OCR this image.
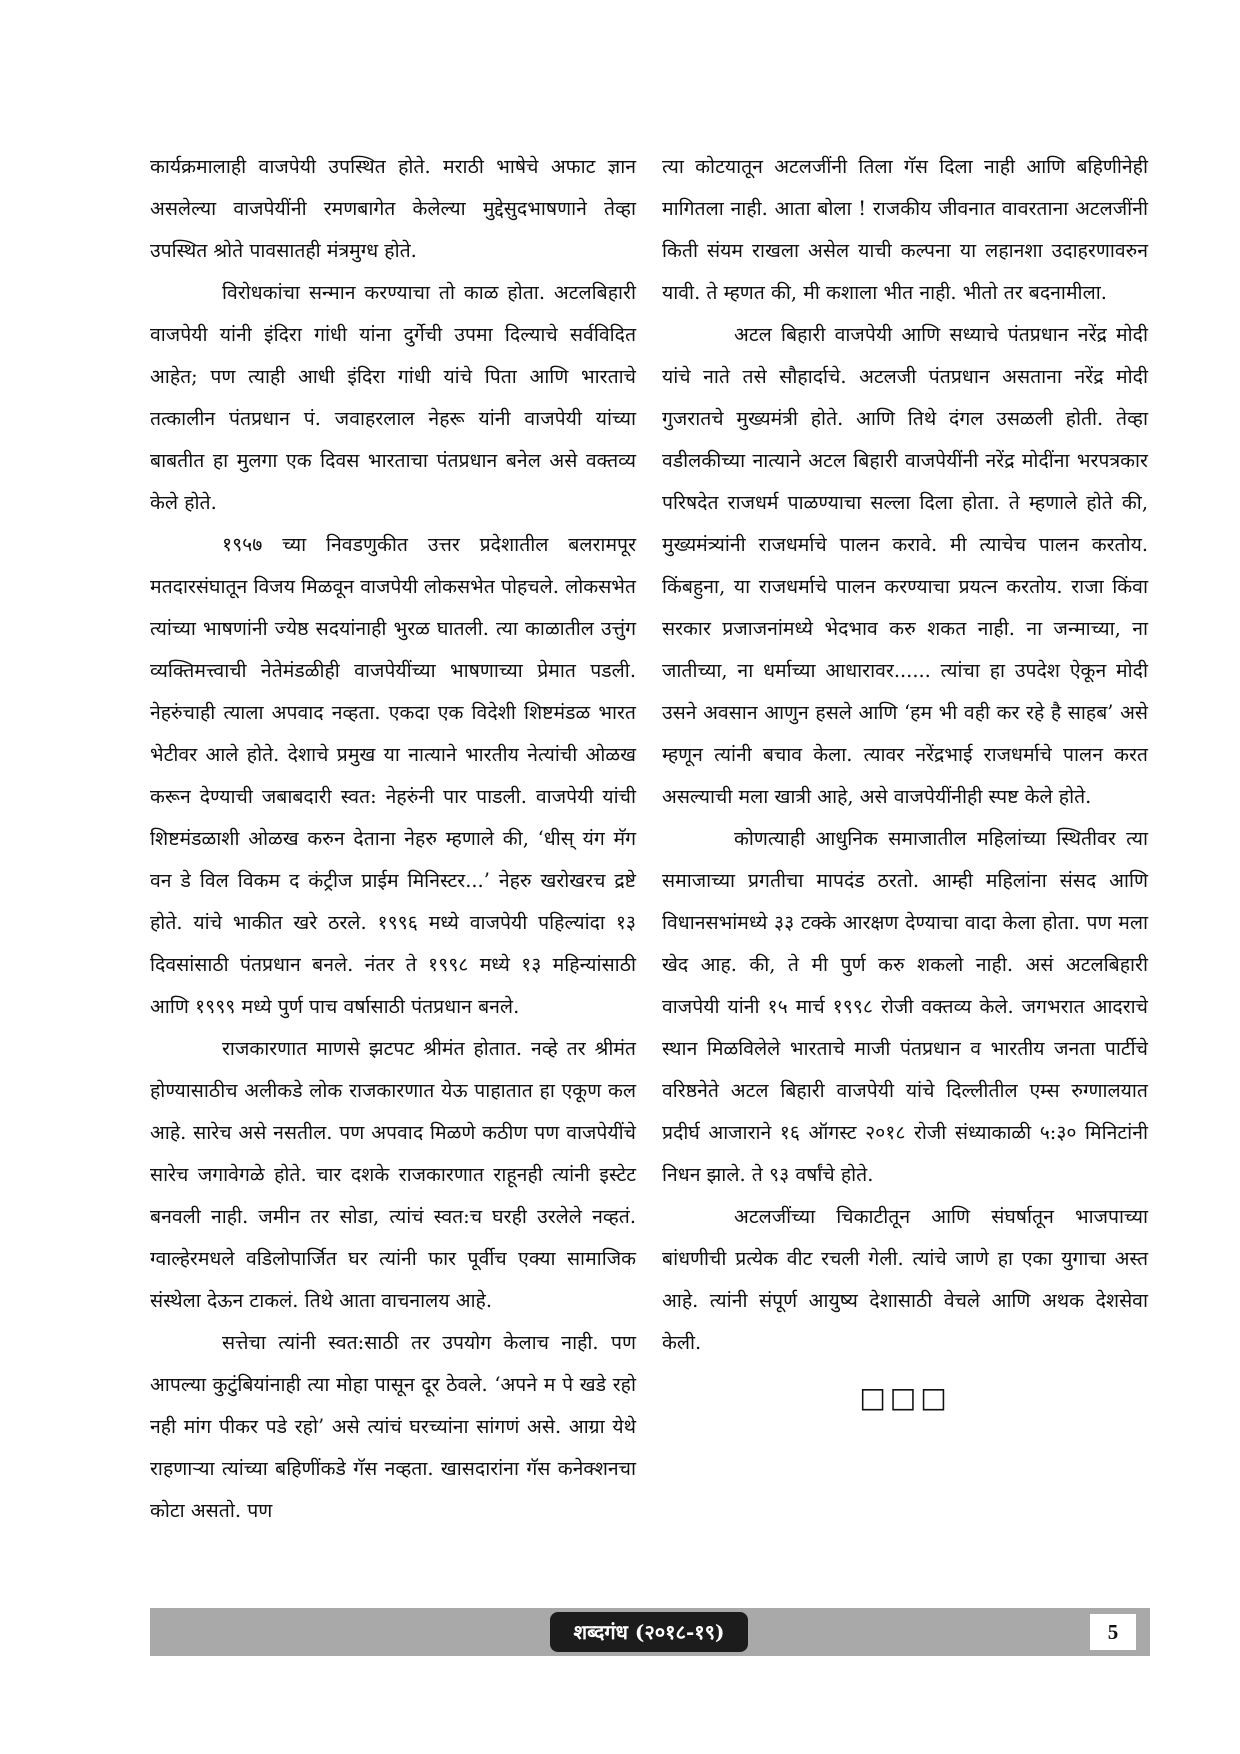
कार्यक्रमालाही वाजपेयी उपस्थित होते. मराठी भाषेचे अफाट ज्ञान असलेल्या वाजपेयींनी रमणबागेत केलेल्या मुद्देसुदभाषणाने तेव्हा उपस्थित श्रोते पावसातही मंत्रमुग्ध होते.

विरोधकांचा सन्मान करण्याचा तो काळ होता. अटलबिहारी वाजपेयी यांनी इंदिरा गांधी यांना दुर्गेची उपमा दिल्याचे सर्वविदित आहेत; पण त्याही आधी इंदिरा गांधी यांचे पिता आणि भारताचे तत्कालीन पंतप्रधान पं. जवाहरलाल नेहरू यांनी वाजपेयी यांच्या बाबतीत हा मुलगा एक दिवस भारताचा पंतप्रधान बनेल असे वक्तव्य केले होते.

१९५७ च्या निवडणुकीत उत्तर प्रदेशातील बलरामपूर मतदारसंघातून विजय मिळवून वाजपेयी लोकसभेत पोहचले. लोकसभेत त्यांच्या भाषणांनी ज्येष्ठ सदयांनाही भुरळ घातली. त्या काळातील उत्तुंग व्यक्तिमत्त्वाची नेतेमंडळीही वाजपेयींच्या भाषणाच्या प्रेमात पडली. नेहरुंचाही त्याला अपवाद नव्हता. एकदा एक विदेशी शिष्टमंडळ भारत भेटीवर आले होते. देशाचे प्रमुख या नात्याने भारतीय नेत्यांची ओळख करून देण्याची जबाबदारी स्वत: नेहरुंनी पार पाडली. वाजपेयी यांची शिष्टमंडळाशी ओळख करुन देताना नेहरु म्हणाले की, ‘धीस् यंग मॅग वन डे विल विकम द कंट्रीज प्राईम मिनिस्टर...’ नेहरु खरोखरच द्रष्टे होते. यांचे भाकीत खरे ठरले. १९९६ मध्ये वाजपेयी पहिल्यांदा १३ दिवसांसाठी पंतप्रधान बनले. नंतर ते १९९८ मध्ये १३ महिन्यांसाठी आणि १९९९ मध्ये पुर्ण पाच वर्षासाठी पंतप्रधान बनले.

राजकारणात माणसे झटपट श्रीमंत होतात. नव्हे तर श्रीमंत होण्यासाठीच अलीकडे लोक राजकारणात येऊ पाहातात हा एकूण कल आहे. सारेच असे नसतील. पण अपवाद मिळणे कठीण पण वाजपेयींचे सारेच जगावेगळे होते. चार दशके राजकारणात राहूनही त्यांनी इस्टेट बनवली नाही. जमीन तर सोडा, त्यांचं स्वत:च घरही उरलेले नव्हतं. ग्वाल्हेरमधले वडिलोपार्जित घर त्यांनी फार पूर्वीच एक्या सामाजिक संस्थेला देऊन टाकलं. तिथे आता वाचनालय आहे.

सत्तेचा त्यांनी स्वत:साठी तर उपयोग केलाच नाही. पण आपल्या कुटुंबियांनाही त्या मोहा पासून दूर ठेवले. ‘अपने म पे खडे रहो नही मांग पीकर पडे रहो’ असे त्यांचं घरच्यांना सांगणं असे. आग्रा येथे राहणाऱ्या त्यांच्या बहिणींकडे गॅस नव्हता. खासदारांना गॅस कनेक्शनचा कोटा असतो. पण

त्या कोटयातून अटलजींनी तिला गॅस दिला नाही आणि बहिणीनेही मागितला नाही. आता बोला ! राजकीय जीवनात वावरताना अटलजींनी किती संयम राखला असेल याची कल्पना या लहानशा उदाहरणावरुन यावी. ते म्हणत की, मी कशाला भीत नाही. भीतो तर बदनामीला.

अटल बिहारी वाजपेयी आणि सध्याचे पंतप्रधान नरेंद्र मोदी यांचे नाते तसे सौहार्दाचे. अटलजी पंतप्रधान असताना नरेंद्र मोदी गुजरातचे मुख्यमंत्री होते. आणि तिथे दंगल उसळली होती. तेव्हा वडीलकीच्या नात्याने अटल बिहारी वाजपेयींनी नरेंद्र मोदींना भरपत्रकार परिषदेत राजधर्म पाळण्याचा सल्ला दिला होता. ते म्हणाले होते की, मुख्यमंत्र्यांनी राजधर्माचे पालन करावे. मी त्याचेच पालन करतोय. किंबहुना, या राजधर्माचे पालन करण्याचा प्रयत्न करतोय. राजा किंवा सरकार प्रजाजनांमध्ये भेदभाव करु शकत नाही. ना जन्माच्या, ना जातीच्या, ना धर्माच्या आधारावर...... त्यांचा हा उपदेश ऐकून मोदी उसने अवसान आणुन हसले आणि ‘हम भी वही कर रहे है साहब’ असे म्हणून त्यांनी बचाव केला. त्यावर नरेंद्रभाई राजधर्माचे पालन करत असल्याची मला खात्री आहे, असे वाजपेयींनीही स्पष्ट केले होते.

कोणत्याही आधुनिक समाजातील महिलांच्या स्थितीवर त्या समाजाच्या प्रगतीचा मापदंड ठरतो. आम्ही महिलांना संसद आणि विधानसभांमध्ये ३३ टक्के आरक्षण देण्याचा वादा केला होता. पण मला खेद आह. की, ते मी पुर्ण करु शकलो नाही. असं अटलबिहारी वाजपेयी यांनी १५ मार्च १९९८ रोजी वक्तव्य केले. जगभरात आदराचे स्थान मिळविलेले भारताचे माजी पंतप्रधान व भारतीय जनता पार्टीचे वरिष्ठनेते अटल बिहारी वाजपेयी यांचे दिल्लीतील एम्स रुग्णालयात प्रदीर्घ आजाराने १६ ऑगस्ट २०१८ रोजी संध्याकाळी ५:३० मिनिटांनी निधन झाले. ते ९३ वर्षांचे होते.

अटलजींच्या चिकाटीतून आणि संघर्षातून भाजपाच्या बांधणीची प्रत्येक वीट रचली गेली. त्यांचे जाणे हा एका युगाचा अस्त आहे. त्यांनी संपूर्ण आयुष्य देशासाठी वेचले आणि अथक देशसेवा केली.

□□□
शब्दगंध (२०१८-१९)	5
